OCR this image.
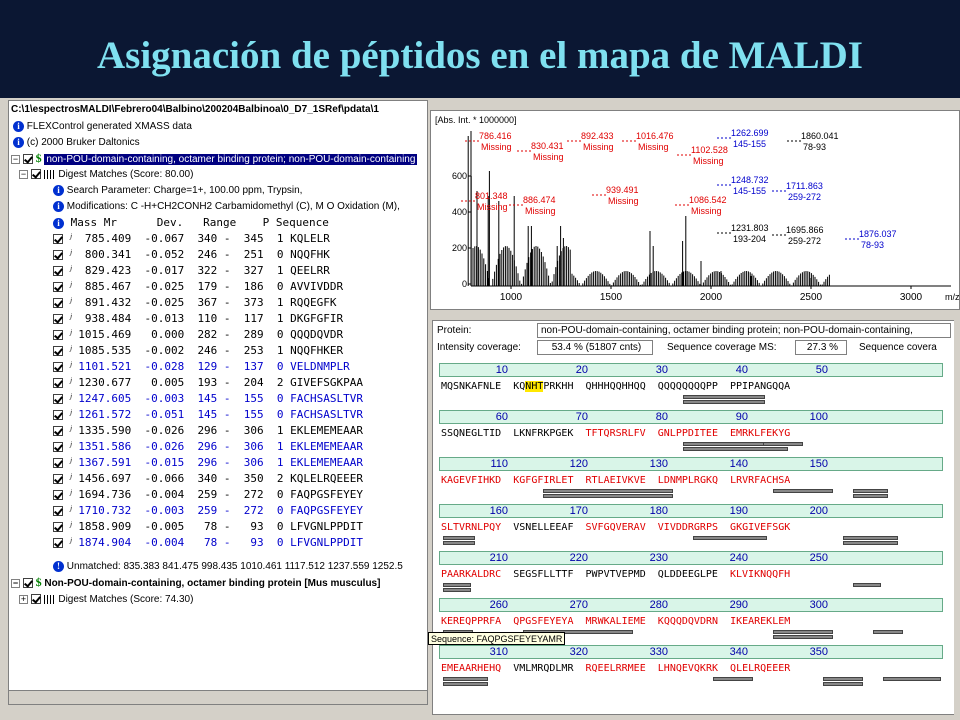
Asignación de péptidos en el mapa de MALDI
C:\1\espectrosMALDI\Febrero04\Balbino\200204Balbinoa\0_D7_1SRef\pdata\1
i FLEXControl generated XMASS data
i (c) 2000 Bruker Daltonics
− $ non-POU-domain-containing, octamer binding protein; non-POU-domain-containing
−	Digest Matches (Score: 80.00)
i Search Parameter: Charge=1+, 100.00 ppm, Trypsin,
i Modifications: C -H+CH2CONH2 Carbamidomethyl (C), M O Oxidation (M),
i Mass Mr      Dev.   Range    P Sequence
ʲ  785.409  -0.067  340 -  345  1 KQLELR
ʲ  800.341  -0.052  246 -  251  0 NQQFHK
ʲ  829.423  -0.017  322 -  327  1 QEELRR
ʲ  885.467  -0.025  179 -  186  0 AVVIVDDR
ʲ  891.432  -0.025  367 -  373  1 RQQEGFK
ʲ  938.484  -0.013  110 -  117  1 DKGFGFIR
ʲ 1015.469   0.000  282 -  289  0 QQQDQVDR
ʲ 1085.535  -0.002  246 -  253  1 NQQFHKER
ʲ 1101.521  -0.028  129 -  137  0 VELDNMPLR
ʲ 1230.677   0.005  193 -  204  2 GIVEFSGKPAA
ʲ 1247.605  -0.003  145 -  155  0 FACHSASLTVR
ʲ 1261.572  -0.051  145 -  155  0 FACHSASLTVR
ʲ 1335.590  -0.026  296 -  306  1 EKLEMEMEAAR
ʲ 1351.586  -0.026  296 -  306  1 EKLEMEMEAAR
ʲ 1367.591  -0.015  296 -  306  1 EKLEMEMEAAR
ʲ 1456.697  -0.066  340 -  350  2 KQLELRQEEER
ʲ 1694.736  -0.004  259 -  272  0 FAQPGSFEYEY
ʲ 1710.732  -0.003  259 -  272  0 FAQPGSFEYEY
ʲ 1858.909  -0.005   78 -   93  0 LFVGNLPPDIT
ʲ 1874.904  -0.004   78 -   93  0 LFVGNLPPDIT
! Unmatched: 835.383 841.475 998.435 1010.461 1117.512 1237.559 1252.5
− $ Non-POU-domain-containing, octamer binding protein [Mus musculus]
+	Digest Matches (Score: 74.30)
[Abs. Int. * 1000000]
600
400
200
0
1000	1500	2000	2500	3000	m/z
786.416
Missing 830.431
Missing
892.433
Missing
1016.476
Missing 1102.528
Missing
1262.699
145-155
1860.041
78-93
801.348
Missing
886.474
Missing
939.491
Missing	1086.542
Missing
1248.732
145-155 1711.863
259-272
1231.803
193-204
1695.866
259-272
1876.037
78-93
Protein:	non-POU-domain-containing, octamer binding protein; non-POU-domain-containing,
Intensity coverage:	53.4 % (51807 cnts)	Sequence coverage MS:	27.3 %	Sequence covera
10	20	30	40	50
MQSNKAFNLE  KQNHTPRKHH  QHHHQQHHQQ  QQQQQQQQPP  PPIPANGQQA
60	70	80	90	100
SSQNEGLTID  LKNFRKPGEK  TFTQRSRLFV GNLPPDITEE EMRKLFEKYG
110	120	130	140	150
KAGEVFIHKD KGFGFIRLET RTLAEIVKVE LDNMPLRGKQ LRVRFACHSA
160	170	180	190	200
SLTVRNLPQY  VSNELLEEAF  SVFGQVERAV VIVDDRGRPS GKGIVEFSGK
210	220	230	240	250
PAARKALDRC  SEGSFLLTTF  PWPVTVEPMD  QLDDEEGLPE  KLVIKNQQFH
260	270	280	290	300
KEREQPPRFA QPGSFEYEYA MRWKALIEME KQQQDQVDRN IKEAREKLEM
310	320	330	340	350
EMEAARHEHQ  VMLMRQDLMR  RQEELRRMEE LHNQEVQKRK QLELRQEEER
Sequence: FAQPGSFEYEYAMR
